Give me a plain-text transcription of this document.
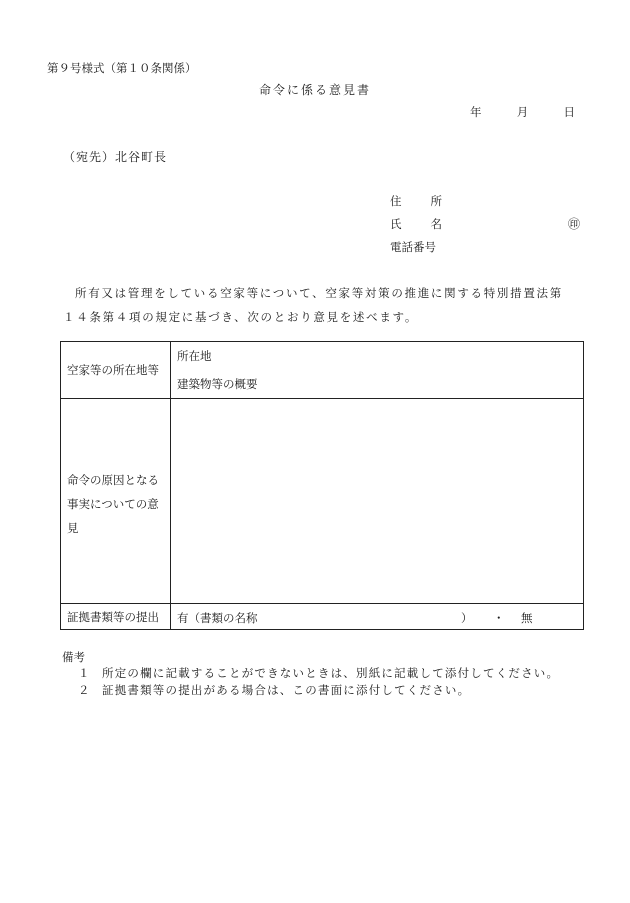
第９号様式（第１０条関係）
命令に係る意見書
年	月	日
（宛先）北谷町長
住	所
氏	名	㊞
電話番号
所有又は管理をしている空家等について、空家等対策の推進に関する特別措置法第
１４条第４項の規定に基づき、次のとおり意見を述べます。
空家等の所在地等	所在地
建築物等の概要

命令の原因となる
事実についての意
見	

証拠書類等の提出	有（書類の名称 ） ・ 無
備考
１ 所定の欄に記載することができないときは、別紙に記載して添付してください。
２ 証拠書類等の提出がある場合は、この書面に添付してください。
